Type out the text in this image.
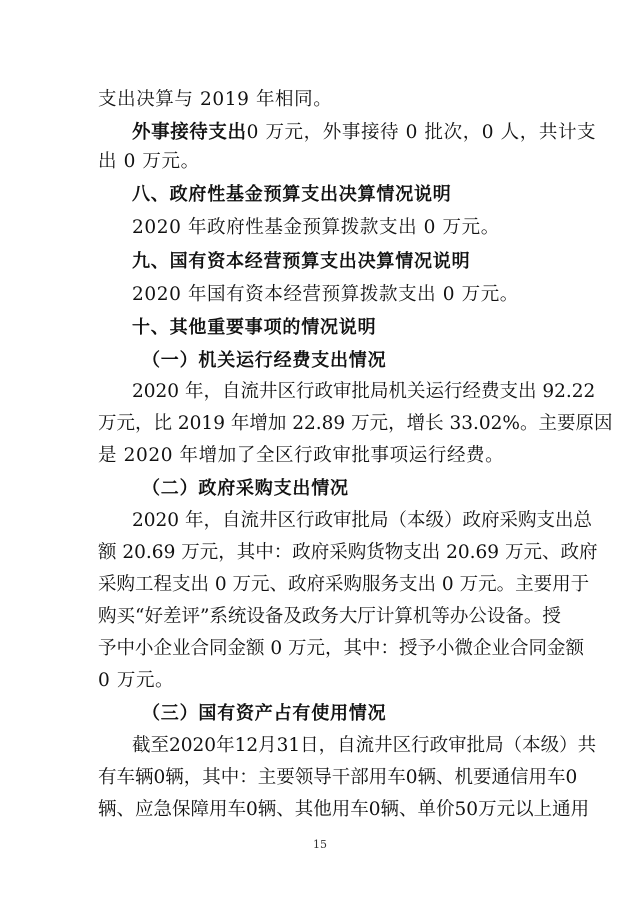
支出决算与 2019 年相同。
外事接待支出0 万元，外事接待 0 批次，0 人，共计支
出 0 万元。
八、政府性基金预算支出决算情况说明
2020 年政府性基金预算拨款支出 0 万元。
九、国有资本经营预算支出决算情况说明
2020 年国有资本经营预算拨款支出 0 万元。
十、其他重要事项的情况说明
（一）机关运行经费支出情况
2020 年，自流井区行政审批局机关运行经费支出 92.22
万元，比 2019 年增加 22.89 万元，增长 33.02%。主要原因
是 2020 年增加了全区行政审批事项运行经费。
（二）政府采购支出情况
2020 年，自流井区行政审批局（本级）政府采购支出总
额 20.69 万元，其中：政府采购货物支出 20.69 万元、政府
采购工程支出 0 万元、政府采购服务支出 0 万元。主要用于
购买“好差评”系统设备及政务大厅计算机等办公设备。授
予中小企业合同金额 0 万元，其中：授予小微企业合同金额
0 万元。
（三）国有资产占有使用情况
截至2020年12月31日，自流井区行政审批局（本级）共
有车辆0辆，其中：主要领导干部用车0辆、机要通信用车0
辆、应急保障用车0辆、其他用车0辆、单价50万元以上通用
15
